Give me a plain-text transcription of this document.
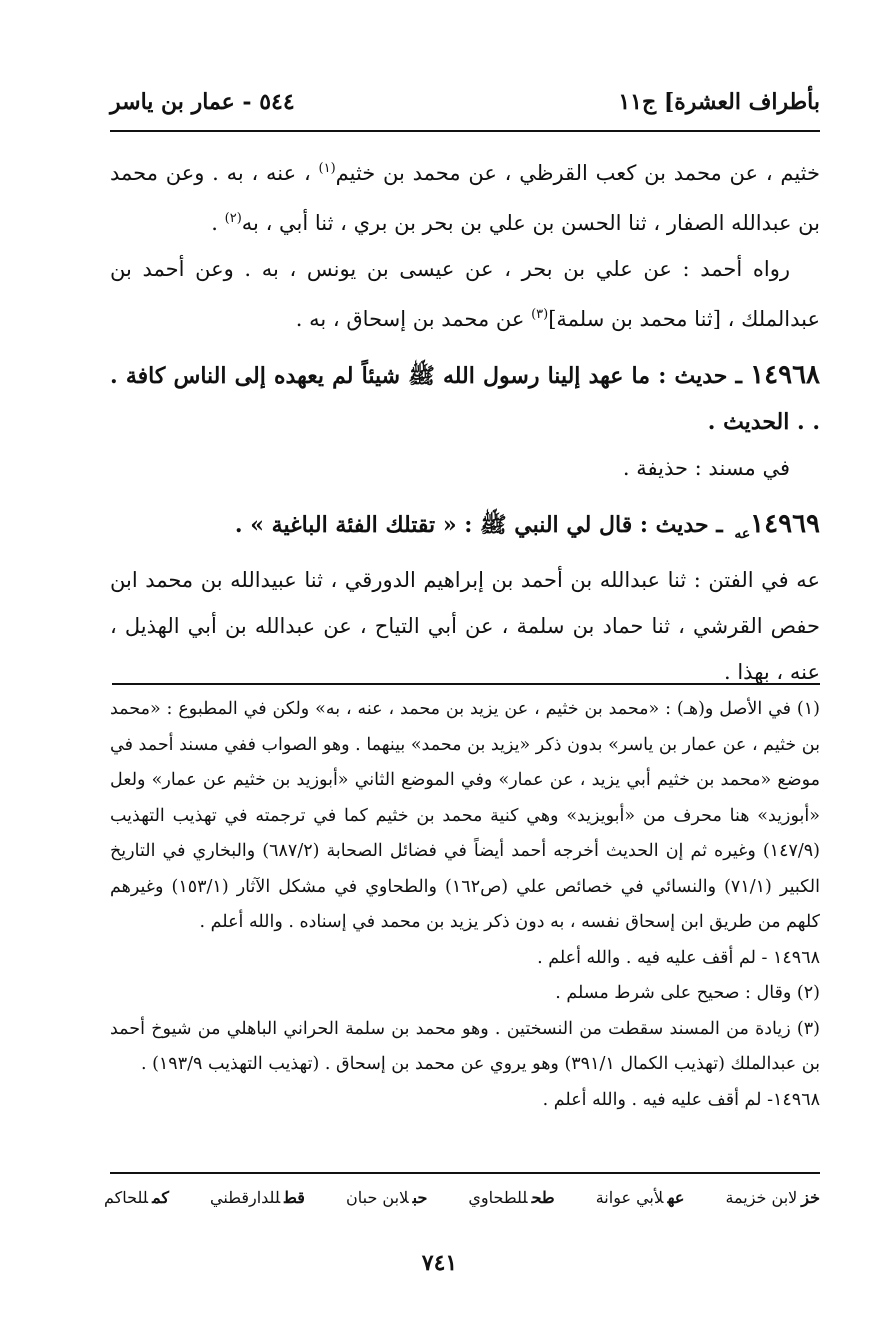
بأطراف العشرة] ج۱۱
٥٤٤ - عمار بن ياسر

خثيم ، عن محمد بن كعب القرظي ، عن محمد بن خثيم$^{(١)}$ ، عنه ، به . وعن محمد بن عبدالله الصفار ، ثنا الحسن بن علي بن بحر بن بري ، ثنا أبي ، به$^{(٢)}$ .

رواه أحمد : عن علي بن بحر ، عن عيسى بن يونس ، به . وعن أحمد بن عبدالملك ، [ثنا محمد بن سلمة]$^{(٣)}$ عن محمد بن إسحاق ، به .

١٤٩٦٨ ـ حديث : ما عهد إلينا رسول الله ﷺ شيئاً لم يعهده إلى الناس كافة . . . الحديث .

في مسند : حذيفة .

$١٤٩٦٩_{عه}$ ـ حديث : قال لي النبي ﷺ : « تقتلك الفئة الباغية » .

عه في الفتن : ثنا عبدالله بن أحمد بن إبراهيم الدورقي ، ثنا عبيدالله بن محمد ابن حفص القرشي ، ثنا حماد بن سلمة ، عن أبي التياح ، عن عبدالله بن أبي الهذيل ، عنه ، بهذا .

(١) في الأصل و(هـ) : «محمد بن خثيم ، عن يزيد بن محمد ، عنه ، به» ولكن في المطبوع : «محمد بن خثيم ، عن عمار بن ياسر» بدون ذكر «يزيد بن محمد» بينهما . وهو الصواب ففي مسند أحمد في موضع «محمد بن خثيم أبي يزيد ، عن عمار» وفي الموضع الثاني «أبوزيد بن خثيم عن عمار» ولعل «أبوزيد» هنا محرف من «أبويزيد» وهي كنية محمد بن خثيم كما في ترجمته في تهذيب التهذيب (١٤٧/٩) وغيره ثم إن الحديث أخرجه أحمد أيضاً في فضائل الصحابة (٦٨٧/٢) والبخاري في التاريخ الكبير (٧١/١) والنسائي في خصائص علي (ص١٦٢) والطحاوي في مشكل الآثار (١٥٣/١) وغيرهم كلهم من طريق ابن إسحاق نفسه ، به دون ذكر يزيد بن محمد في إسناده . والله أعلم .

١٤٩٦٨ - لم أقف عليه فيه . والله أعلم .

(٢) وقال : صحيح على شرط مسلم .

(٣) زيادة من المسند سقطت من النسختين . وهو محمد بن سلمة الحراني الباهلي من شيوخ أحمد بن عبدالملك (تهذيب الكمال ٣٩١/١) وهو يروي عن محمد بن إسحاق . (تهذيب التهذيب ١٩٣/٩) .

١٤٩٦٨- لم أقف عليه فيه . والله أعلم .

خزلابن خزيمة
عهلأبي عوانة
طحللطحاوي
حبلابن حبان
قطللدارقطني
كمللحاكم
٧٤١
